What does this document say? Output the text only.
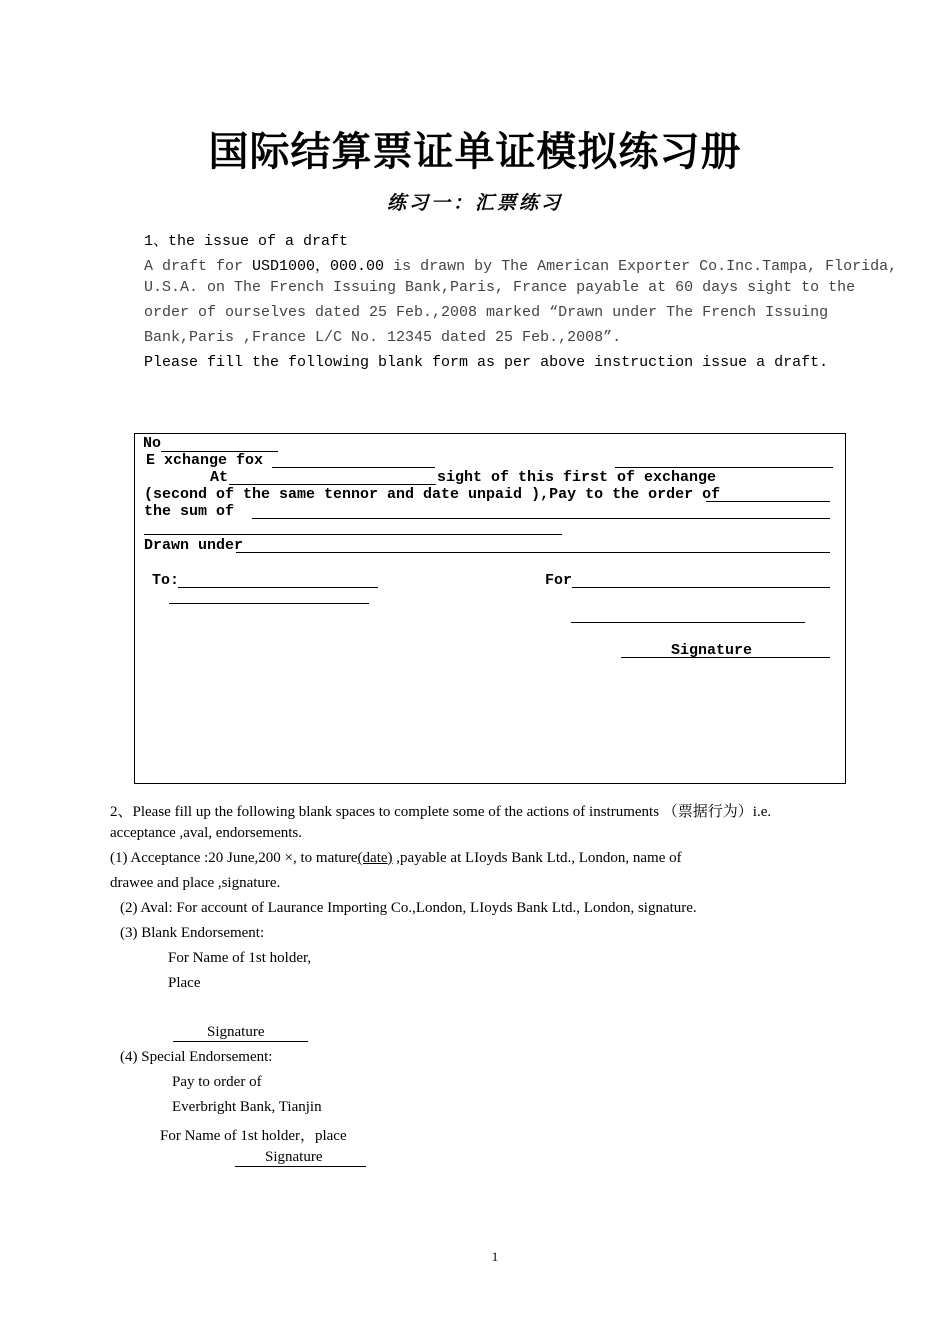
国际结算票证单证模拟练习册
练习一：汇票练习
1、the issue of a draft
A draft for USD1000，000.00 is drawn by The American Exporter Co.Inc.Tampa, Florida,
U.S.A. on The French Issuing Bank,Paris, France payable at 60 days sight to the
order of ourselves dated 25 Feb.,2008 marked “Drawn under The French Issuing
Bank,Paris ,France L/C No. 12345 dated 25 Feb.,2008”.
Please fill the following blank form as per above instruction issue a draft.
No
E xchange fox
At	sight of this first of exchange
(second of the same tennor and date unpaid ),Pay to the order of
the sum of
Drawn under
To:	For
Signature
2、Please fill up the following blank spaces to complete some of the actions of instruments （票据行为）i.e.
acceptance ,aval, endorsements.
(1) Acceptance :20 June,200 ×, to mature(date) ,payable at LIoyds Bank Ltd., London, name of
drawee and place ,signature.
(2) Aval: For account of Laurance Importing Co.,London, LIoyds Bank Ltd., London, signature.
(3) Blank Endorsement:
For Name of 1st holder,
Place
Signature
(4) Special Endorsement:
Pay to order of
Everbright Bank, Tianjin
For Name of 1st holder，place
Signature
1
